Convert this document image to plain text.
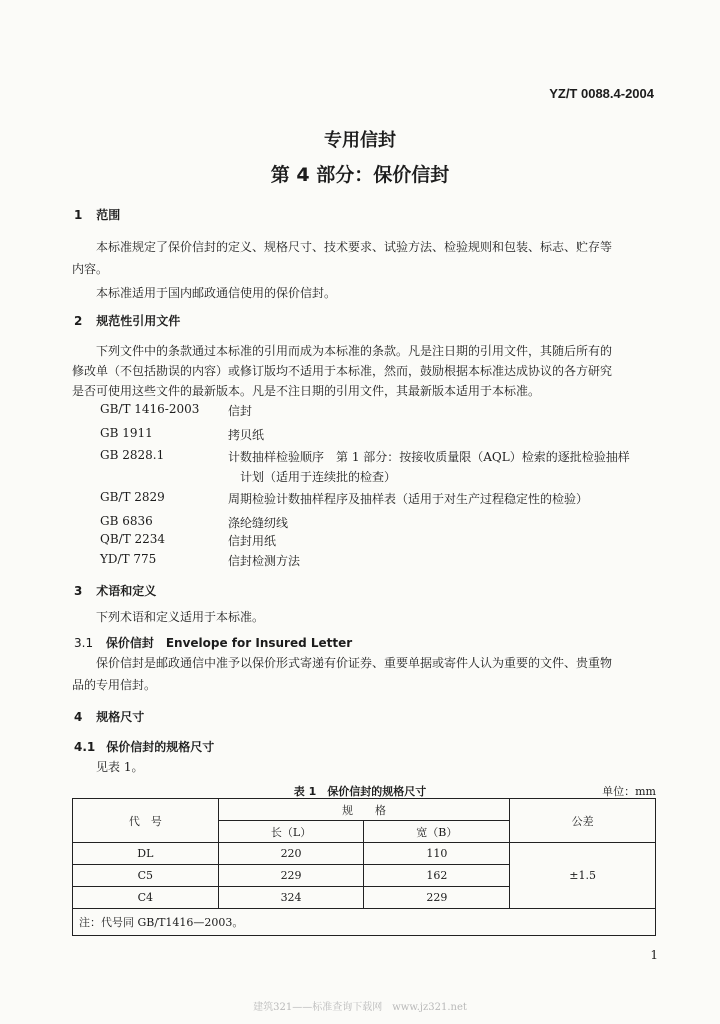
YZ/T 0088.4-2004
专用信封
第 4 部分：保价信封
1 范围
本标准规定了保价信封的定义、规格尺寸、技术要求、试验方法、检验规则和包装、标志、贮存等
内容。
本标准适用于国内邮政通信使用的保价信封。
2 规范性引用文件
下列文件中的条款通过本标准的引用而成为本标准的条款。凡是注日期的引用文件，其随后所有的
修改单（不包括勘误的内容）或修订版均不适用于本标准，然而，鼓励根据本标准达成协议的各方研究
是否可使用这些文件的最新版本。凡是不注日期的引用文件，其最新版本适用于本标准。
GB/T 1416-2003 信封
GB 1911	拷贝纸
GB 2828.1	计数抽样检验顺序　第 1 部分：按接收质量限（AQL）检索的逐批检验抽样
计划（适用于连续批的检查）
GB/T 2829	周期检验计数抽样程序及抽样表（适用于对生产过程稳定性的检验）
GB 6836	涤纶缝纫线
QB/T 2234	信封用纸
YD/T 775	信封检测方法
3 术语和定义
下列术语和定义适用于本标准。
3.1 保价信封　Envelope for Insured Letter
保价信封是邮政通信中准予以保价形式寄递有价证券、重要单据或寄件人认为重要的文件、贵重物
品的专用信封。
4 规格尺寸
4.1 保价信封的规格尺寸
见表 1。
表 1　保价信封的规格尺寸	单位：mm
代　号	规　　格		公差
	长（L）	宽（B）	
DL	220	110	±1.5
C5	229	162	
C4	324	229	
注：代号同 GB/T1416—2003。			
1
建筑321——标准查询下载网　www.jz321.net
